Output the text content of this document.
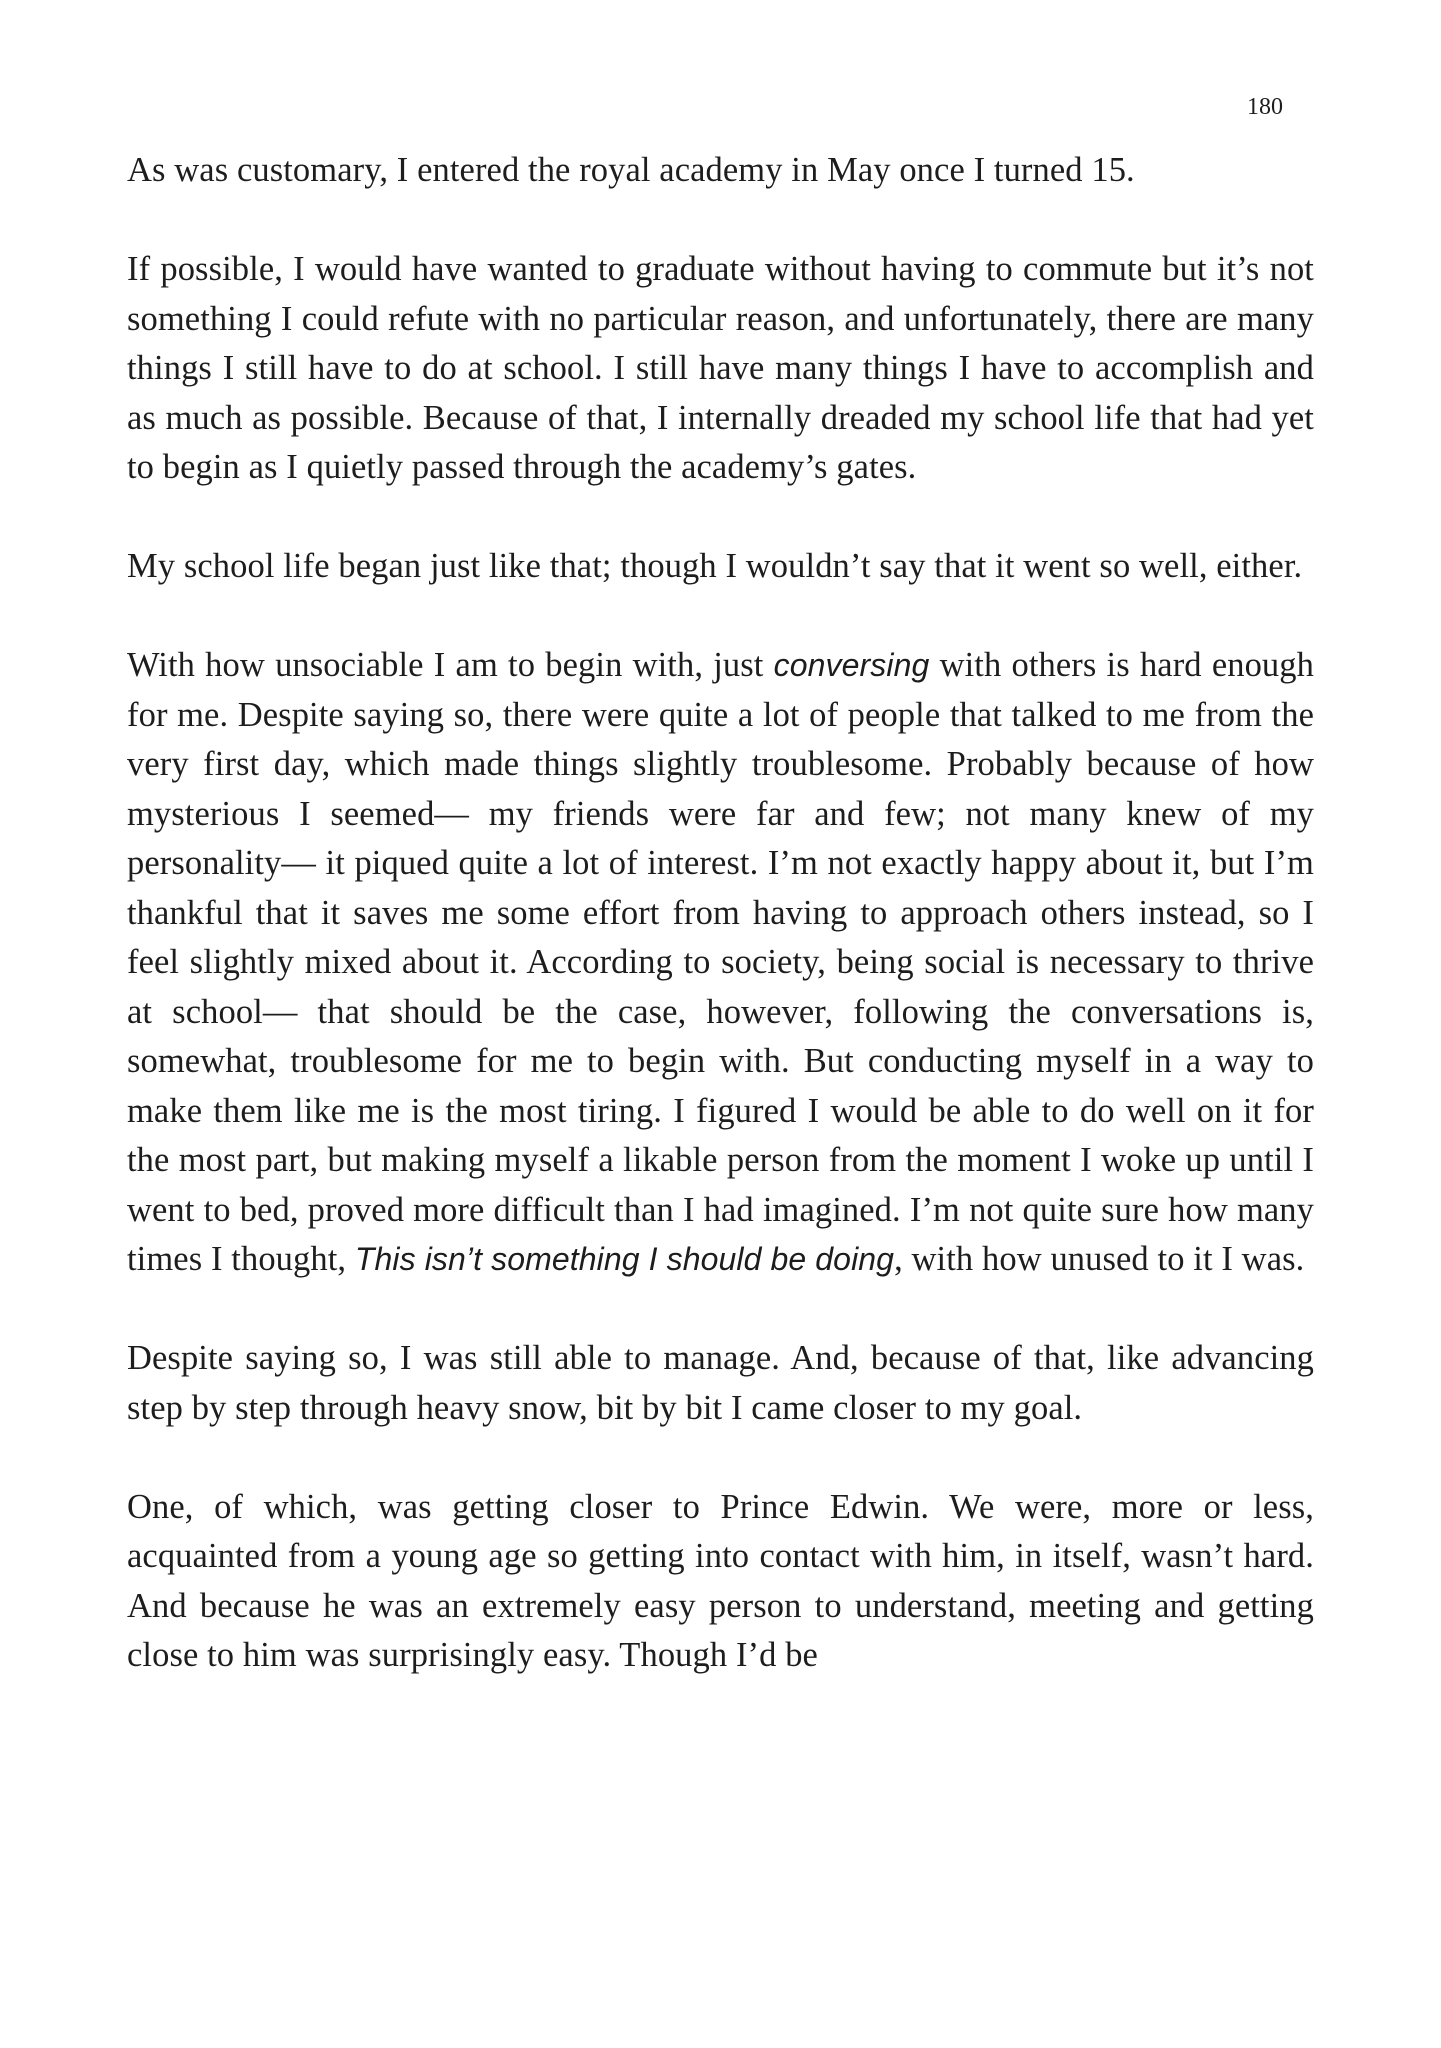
180

As was customary, I entered the royal academy in May once I turned 15.

If possible, I would have wanted to graduate without having to commute but it’s not something I could refute with no particular reason, and unfortunately, there are many things I still have to do at school. I still have many things I have to accomplish and as much as possible. Because of that, I internally dreaded my school life that had yet to begin as I quietly passed through the academy’s gates.

My school life began just like that; though I wouldn’t say that it went so well, either.

With how unsociable I am to begin with, just conversing with others is hard enough for me. Despite saying so, there were quite a lot of people that talked to me from the very first day, which made things slightly troublesome. Probably because of how mysterious I seemed— my friends were far and few; not many knew of my personality— it piqued quite a lot of interest. I’m not exactly happy about it, but I’m thankful that it saves me some effort from having to approach others instead, so I feel slightly mixed about it. According to society, being social is necessary to thrive at school— that should be the case, however, following the conversations is, somewhat, troublesome for me to begin with. But conducting myself in a way to make them like me is the most tiring. I figured I would be able to do well on it for the most part, but making myself a likable person from the moment I woke up until I went to bed, proved more difficult than I had imagined. I’m not quite sure how many times I thought, This isn’t something I should be doing, with how unused to it I was.

Despite saying so, I was still able to manage. And, because of that, like advancing step by step through heavy snow, bit by bit I came closer to my goal.

One, of which, was getting closer to Prince Edwin. We were, more or less, acquainted from a young age so getting into contact with him, in itself, wasn’t hard. And because he was an extremely easy person to understand, meeting and getting close to him was surprisingly easy. Though I’d be
